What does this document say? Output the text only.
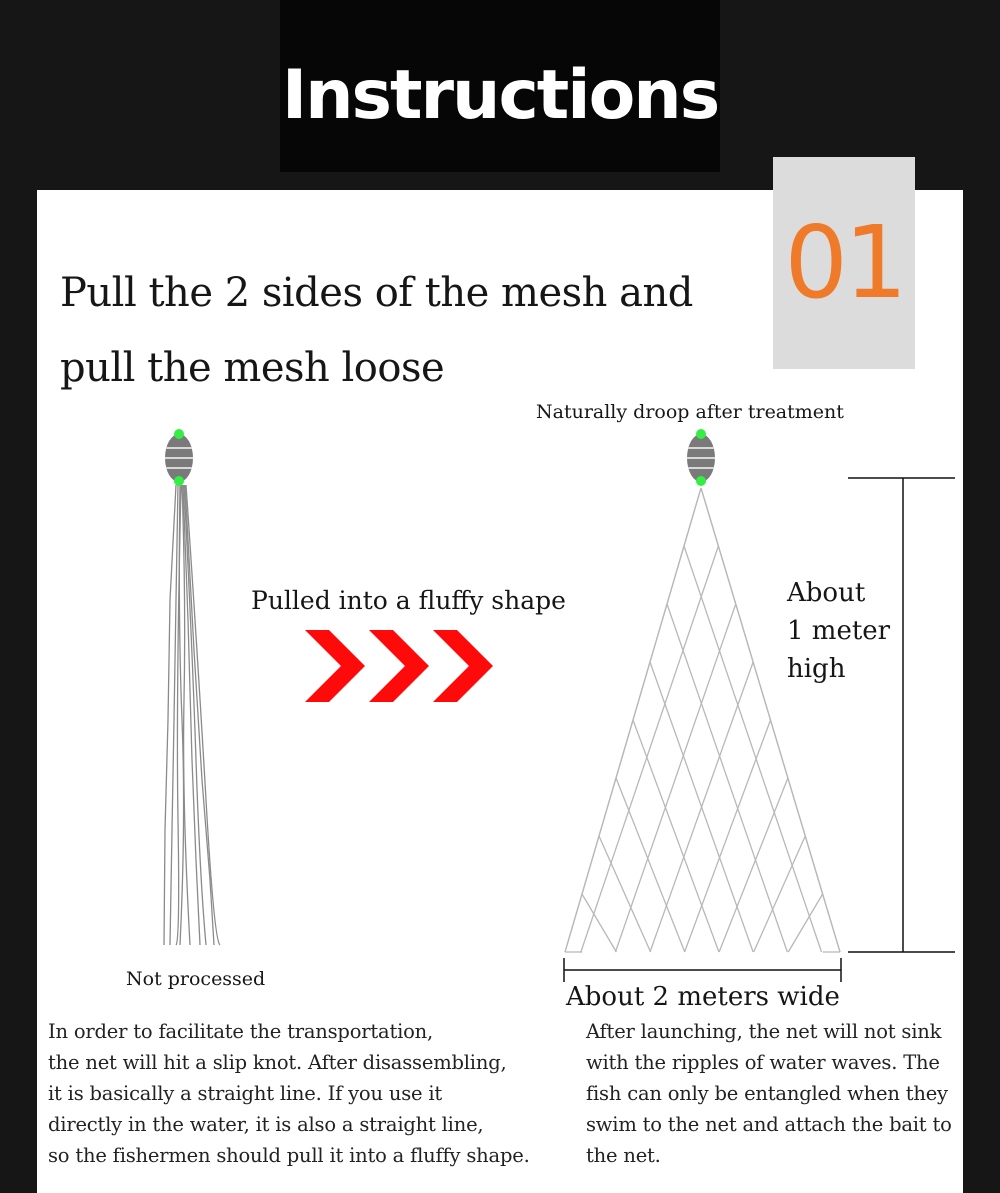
Instructions
01
Pull the 2 sides of the mesh and
pull the mesh loose
Naturally droop after treatment
Pulled into a fluffy shape	About
1 meter
high
Not processed
About 2 meters wide
In order to facilitate the transportation,
the net will hit a slip knot. After disassembling,
it is basically a straight line. If you use it
directly in the water, it is also a straight line,
so the fishermen should pull it into a fluffy shape.
After launching, the net will not sink
with the ripples of water waves. The
fish can only be entangled when they
swim to the net and attach the bait to
the net.
